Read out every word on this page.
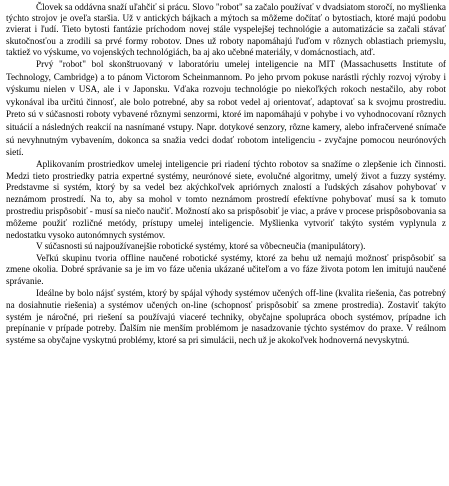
Človek sa oddávna snaží uľahčiť si prácu. Slovo "robot" sa začalo používať v dvadsiatom storočí, no myšlienka týchto strojov je oveľa staršia. Už v antických bájkach a mýtoch sa môžeme dočítať o bytostiach, ktoré majú podobu zvierat i ľudí. Tieto bytosti fantázie príchodom novej stále vyspelejšej technológie a automatizácie sa začali stávať skutočnosťou a zrodili sa prvé formy robotov. Dnes už roboty napomáhajú ľuďom v rôznych oblastiach priemyslu, taktiež vo výskume, vo vojenských technológiách, ba aj ako učebné materiály, v domácnostiach, atď.

Prvý "robot" bol skonštruovaný v laboratóriu umelej inteligencie na MIT (Massachusetts Institute of Technology, Cambridge) a to pánom Victorom Scheinmannom. Po jeho prvom pokuse narástli rýchly rozvoj výroby i výskumu nielen v USA, ale i v Japonsku. Vďaka rozvoju technológie po niekoľkých rokoch nestačilo, aby robot vykonával iba určitú činnosť, ale bolo potrebné, aby sa robot vedel aj orientovať, adaptovať sa k svojmu prostrediu. Preto sú v súčasnosti roboty vybavené rôznymi senzormi, ktoré im napomáhajú v pohybe i vo vyhodnocovaní rôznych situácií a následných reakcií na nasnímané vstupy. Napr. dotykové senzory, rôzne kamery, alebo infračervené snímače sú nevyhnutným vybavením, dokonca sa snažia vedci dodať robotom inteligenciu - zvyčajne pomocou neurónových sietí.

Aplikovaním prostriedkov umelej inteligencie pri riadení týchto robotov sa snažíme o zlepšenie ich činnosti. Medzi tieto prostriedky patria expertné systémy, neurónové siete, evolučné algoritmy, umelý život a fuzzy systémy. Predstavme si systém, ktorý by sa vedel bez akýchkoľvek apriórnych znalostí a ľudských zásahov pohybovať v neznámom prostredí. Na to, aby sa mohol v tomto neznámom prostredí efektívne pohybovať musí sa k tomuto prostrediu prispôsobiť - musí sa niečo naučiť. Možností ako sa prispôsobiť je viac, a práve v procese prispôsobovania sa môžeme použiť rozličné metódy, prístupy umelej inteligencie. Myšlienka vytvoriť takýto systém vyplynula z nedostatku vysoko autonómnych systémov.

V súčasnosti sú najpoužívanejšie robotické systémy, ktoré sa vôbecneučia (manipulátory).

Veľkú skupinu tvoria offline naučené robotické systémy, ktoré za behu už nemajú možnosť prispôsobiť sa zmene okolia. Dobré správanie sa je im vo fáze učenia ukázané učiteľom a vo fáze života potom len imitujú naučené správanie.

Ideálne by bolo nájsť systém, ktorý by spájal výhody systémov učených off-line (kvalita riešenia, čas potrebný na dosiahnutie riešenia) a systémov učených on-line (schopnosť prispôsobiť sa zmene prostredia). Zostaviť takýto systém je náročné, pri riešení sa používajú viaceré techniky, obyčajne spolupráca oboch systémov, prípadne ich prepínanie v prípade potreby. Ďalším nie menším problémom je nasadzovanie týchto systémov do praxe. V reálnom systéme sa obyčajne vyskytnú problémy, ktoré sa pri simulácii, nech už je akokoľvek hodnoverná nevyskytnú.
